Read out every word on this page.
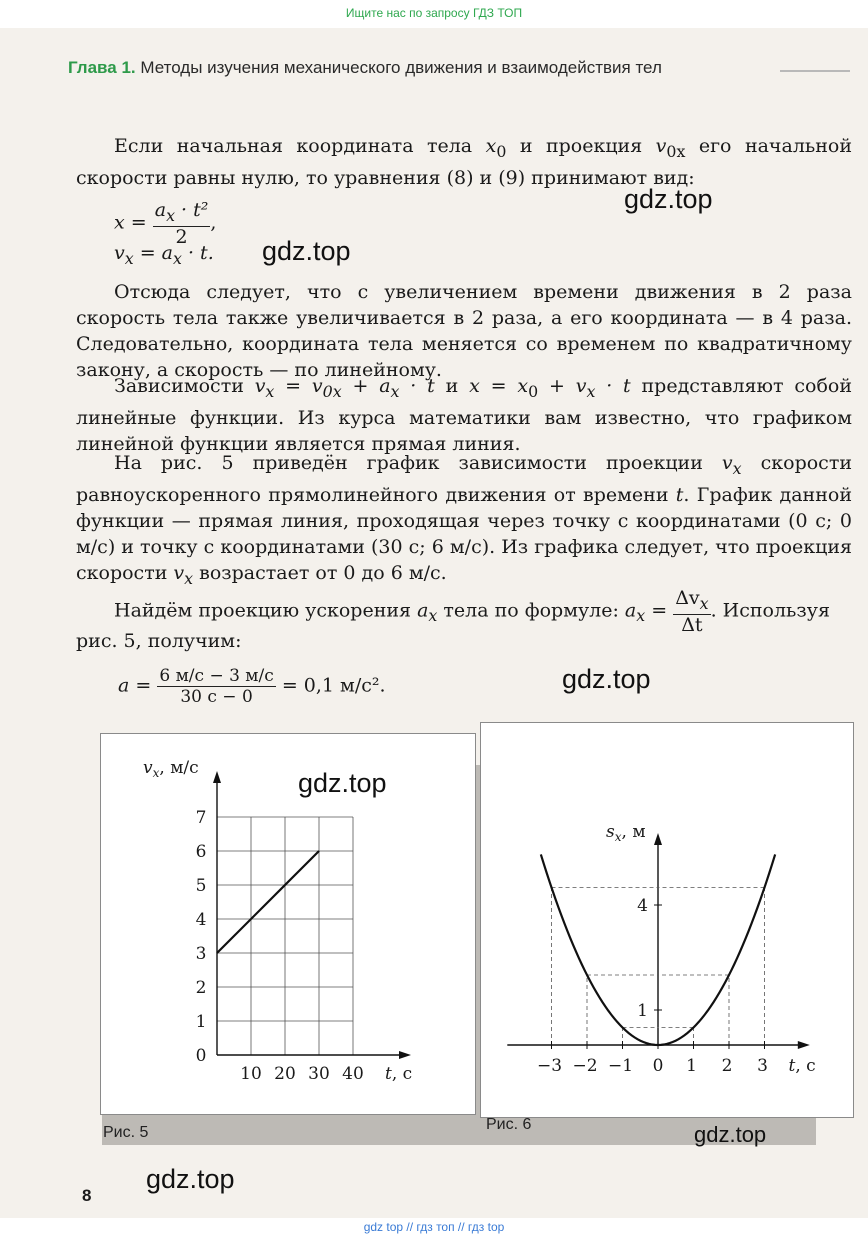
Ищите нас по запросу ГДЗ ТОП
Глава 1. Методы изучения механического движения и взаимодействия тел

Если начальная координата тела $x_0$ и проекция $v_{0x}$ его начальной скорости равны нулю, то уравнения (8) и (9) принимают вид:

$x = \frac{a_x \cdot t^2}{2}$ ,
$v_x = a_x \cdot t$.

Отсюда следует, что с увеличением времени движения в 2 раза скорость тела также увеличивается в 2 раза, а его координата — в 4 раза. Следовательно, координата тела меняется со временем по квадратичному закону, а скорость — по линейному.

Зависимости $v_x = v_{0x} + a_x \cdot t$ и $x = x_0 + v_x \cdot t$ представляют собой линейные функции. Из курса математики вам известно, что графиком линейной функции является прямая линия.

На рис. 5 приведён график зависимости проекции $v_x$ скорости равноускоренного прямолинейного движения от времени t. График данной функции — прямая линия, проходящая через точку с координатами (0 с; 0 м/с) и точку с координатами (30 с; 6 м/с). Из графика следует, что проекция скорости $v_x$ возрастает от 0 до 6 м/с.

Найдём проекцию ускорения $a_x$ тела по формуле: $a_x = \frac{\Delta v_x}{\Delta t}$ . Используя
рис. 5, получим:
$a = \frac{6 м/с - 3 м/с}{30 с - 0} = 0,1$ м/с².
1
2
3
4
5
6
7
0
10 20 30 40
$v_x$, м/с
t, с
Рис. 5
1
4
−3 −2 −1 0 1 2 3
$s_x$, м
t, с
Рис. 6
8
gdz.top
gdz.top
gdz.top
gdz.top
gdz.top
gdz.top
gdz top // гдз топ // гдз top
